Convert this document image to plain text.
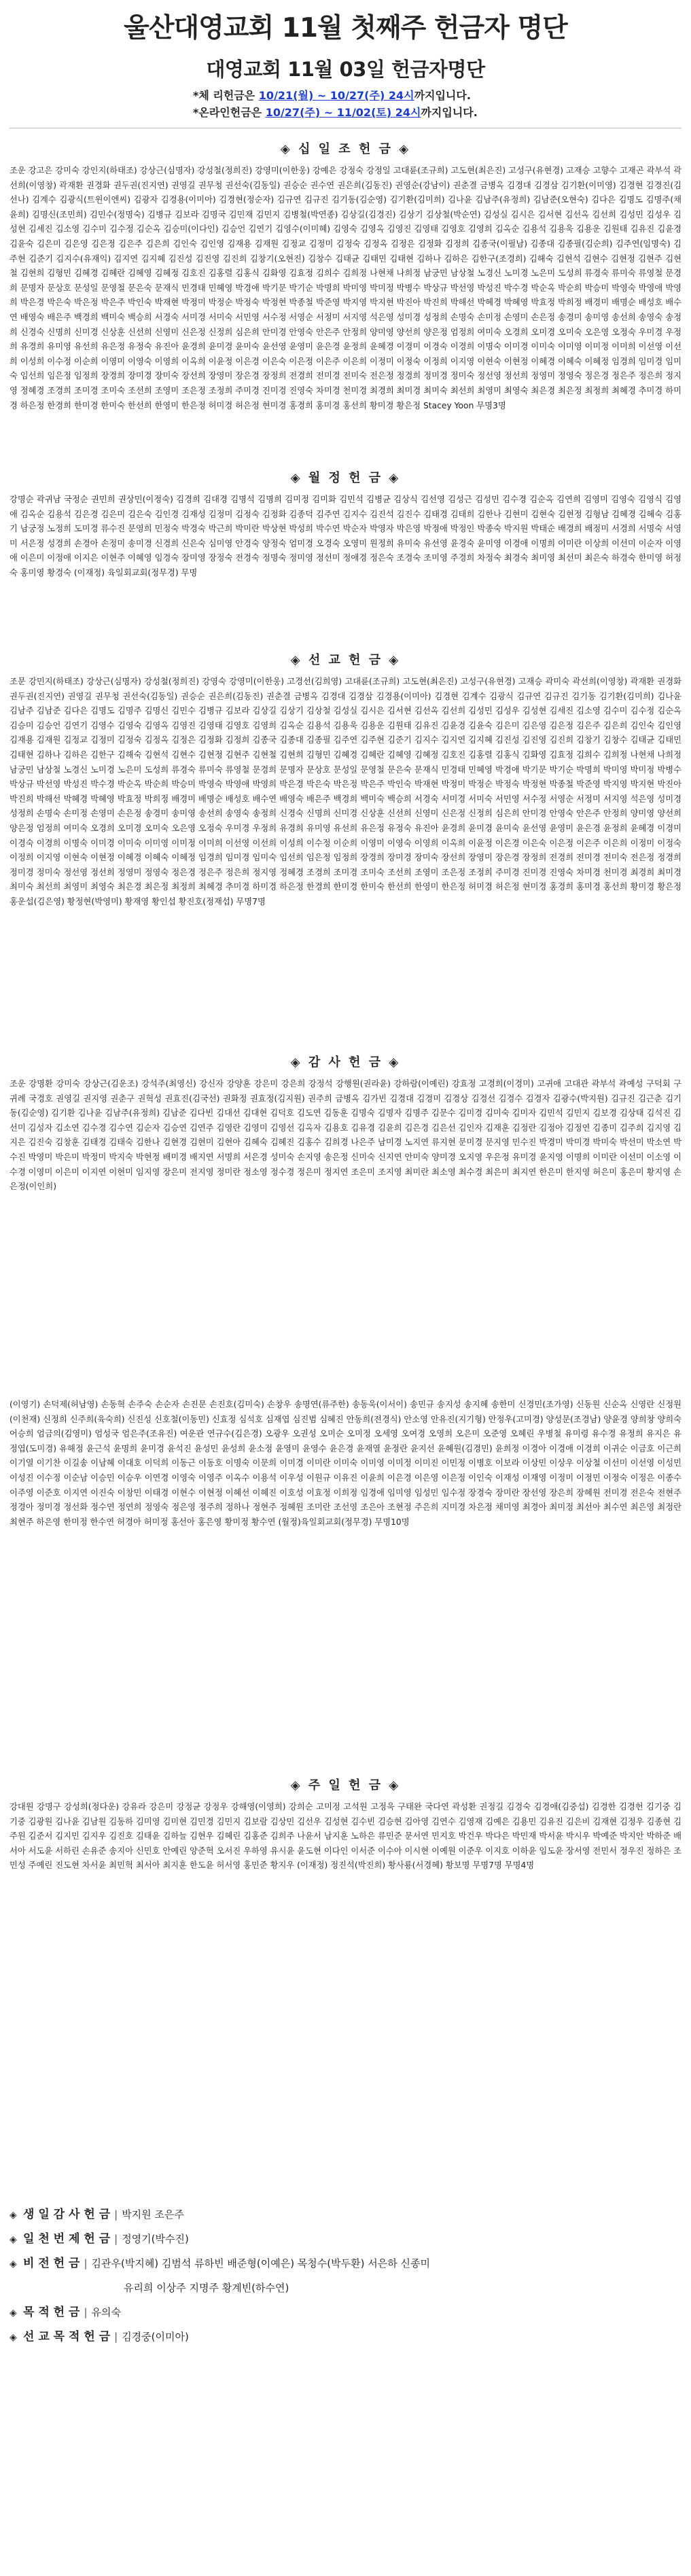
울산대영교회 11월 첫째주 헌금자 명단
대영교회 11월 03일 헌금자명단
*체 리헌금은 10/21(월) ~ 10/27(주) 24시까지입니다.
*온라인헌금은 10/27(주) ~ 11/02(토) 24시까지입니다.
◈ 십 일 조 헌 금 ◈
조운 강고은 강미숙 강인지(하태조) 강상근(심명자) 강성철(정희진) 강영미(이한웅) 강예은 강정숙 강정일 고대륜(조규희) 고도현(최은진) 고성구(유현경) 고재승 고향수 고재곤 곽부석 곽선희(이영창) 곽재환 권경화 권두권(진지연) 권영길 권무청 권선숙(김동일) 권승순 권수연 권은희(김동진) 권영순(강남이) 권춘결 금병옥 김경대 김경삼 김기환(이미영) 김경현 김경진(김선나) 김계수 김광식(트윈이엔씨) 김광자 김경용(이미아) 김경현(정순자) 김규연 김규진 김기동(김순영) 김기환(김미희) 김나윤 김남주(유정희) 김남준(오현숙) 김다은 김명도 김명주(채윤희) 김명신(조민희) 김민수(정명숙) 김병규 김보라 김명국 김민재 김민지 김병철(박연종) 김상길(김경진) 김상기 김상철(박순연) 김성실 김시은 김서현 김선옥 김선희 김성민 김성우 김성현 김세진 김소영 김수미 김수정 김순옥 김승미(이다인) 김승언 김연기 김영수(이미혜) 김영숙 김영옥 김영진 김영태 김영호 김영희 김옥순 김용석 김용욱 김용운 김원태 김유진 김윤경 김윤숙 김은미 김은영 김은정 김은주 김은희 김인숙 김인영 김재용 김재원 김정교 김정미 김정숙 김정옥 김정은 김정화 김정희 김종국(이필남) 김종대 김종필(김순희) 김주연(임명숙) 김주현 김준기 김지수(유재익) 김지연 김지혜 김진성 김진영 김진희 김창기(오현진) 김창수 김태균 김태민 김태현 김하나 김하은 김한구(조경희) 김해숙 김현석 김현수 김현정 김현주 김현철 김현희 김형민 김혜경 김혜란 김혜영 김혜정 김호진 김홍렬 김홍식 김화영 김효정 김희수 김희정 나현채 나희정 남궁민 남상철 노경신 노미경 노은미 도성희 류경숙 류미숙 류영철 문경희 문명자 문상호 문성일 문영철 문은숙 문재식 민경태 민혜영 박경애 박기문 박기순 박명희 박미영 박미정 박병수 박상규 박선영 박성진 박수경 박순옥 박순희 박승미 박영숙 박영애 박영희 박은경 박은숙 박은정 박은주 박인숙 박재현 박정미 박정순 박정숙 박정현 박종철 박준영 박지영 박지현 박진아 박진희 박해선 박혜경 박혜영 박효정 박희정 배경미 배명순 배성호 배수연 배영숙 배은주 백경희 백미숙 백승희 서경숙 서미경 서미숙 서민영 서수정 서영순 서정미 서지영 석은영 성미경 성정희 손명숙 손미정 손영미 손은정 송경미 송미영 송선희 송영숙 송정희 신경숙 신명희 신미경 신상훈 신선희 신영미 신은정 신정희 심은희 안미경 안영숙 안은주 안정희 양미영 양선희 양은정 엄정희 여미숙 오경희 오미경 오미숙 오은영 오정숙 우미경 우정희 유경희 유미영 유선희 유은정 유정숙 유진아 윤경희 윤미경 윤미숙 윤선영 윤영미 윤은경 윤정희 윤혜경 이경미 이경숙 이경희 이명숙 이미경 이미숙 이미영 이미정 이미희 이선영 이선희 이성희 이수정 이순희 이영미 이영숙 이영희 이옥희 이윤정 이은경 이은숙 이은정 이은주 이은희 이정미 이정숙 이정희 이지영 이현숙 이현정 이혜경 이혜숙 이혜정 임경희 임미경 임미숙 임선희 임은정 임정희 장경희 장미경 장미숙 장선희 장영미 장은경 장정희 전경희 전미경 전미숙 전은정 정경희 정미경 정미숙 정선영 정선희 정영미 정영숙 정은경 정은주 정은희 정지영 정혜경 조경희 조미경 조미숙 조선희 조영미 조은정 조정희 주미경 진미경 진영숙 차미경 천미경 최경희 최미경 최미숙 최선희 최영미 최영숙 최은경 최은정 최정희 최혜경 추미경 하미경 하은정 한경희 한미경 한미숙 한선희 한영미 한은정 허미경 허은정 현미경 홍경희 홍미경 홍선희 황미경 황은정 Stacey Yoon 무명3명
◈ 월 정 헌 금 ◈
강명순 곽귀남 국정순 권민희 권상민(이정숙) 김경희 김대경 김명석 김명희 김미정 김미화 김민석 김병균 김상식 김선영 김성근 김성민 김수경 김순옥 김연희 김영미 김영숙 김영식 김영애 김옥순 김용석 김은경 김은미 김은숙 김인경 김재성 김정미 김정숙 김정화 김종덕 김주연 김지수 김진석 김진수 김태경 김태희 김한나 김현미 김현숙 김현정 김형남 김혜경 김혜숙 김홍기 남궁정 노정희 도미경 류수진 문영희 민정숙 박경숙 박근희 박미란 박상현 박성희 박수연 박순자 박영자 박은영 박정애 박정인 박종숙 박지원 박태순 배경희 배정미 서경희 서명숙 서영미 서은정 성경희 손경아 손정미 송미경 신경희 신은숙 심미영 안경숙 양정숙 엄미경 오경숙 오영미 원정희 유미숙 유선영 윤경숙 윤미영 이경애 이명희 이미란 이상희 이선미 이순자 이영애 이은미 이정애 이지은 이현주 이혜영 임경숙 장미영 장정숙 전경숙 정명숙 정미영 정선미 정애경 정은숙 조경숙 조미영 주경희 차정숙 최경숙 최미영 최선미 최은숙 하경숙 한미영 허정숙 홍미영 황경숙 (이재정) 육일회교회(정무경) 무명
◈ 선 교 헌 금 ◈
조문 강민지(하태조) 강상근(심명자) 강성철(정희진) 강영숙 강영미(이한웅) 고경선(김희영) 고대륜(조규희) 고도현(최은진) 고성구(유현경) 고재승 곽미숙 곽선희(이영창) 곽재환 권경화 권두권(진지연) 권영길 권무청 권선숙(김동일) 권승순 권은희(김동진) 권춘결 금병옥 김경대 김경삼 김경용(이미아) 김경현 김계수 김광식 김규연 김규진 김기동 김기환(김미희) 김나윤 김남주 김남준 김다은 김명도 김명주 김명신 김민수 김병규 김보라 김상길 김상기 김상철 김성실 김시은 김서현 김선옥 김선희 김성민 김성우 김성현 김세진 김소영 김수미 김수정 김순옥 김승미 김승언 김연기 김영수 김영숙 김영옥 김영진 김영태 김영호 김영희 김옥순 김용석 김용욱 김용운 김원태 김유진 김윤경 김윤숙 김은미 김은영 김은정 김은주 김은희 김인숙 김인영 김재용 김재원 김정교 김정미 김정숙 김정옥 김정은 김정화 김정희 김종국 김종대 김종필 김주연 김주현 김준기 김지수 김지연 김지혜 김진성 김진영 김진희 김창기 김창수 김태균 김태민 김태현 김하나 김하은 김한구 김해숙 김현석 김현수 김현정 김현주 김현철 김현희 김형민 김혜경 김혜란 김혜영 김혜정 김호진 김홍렬 김홍식 김화영 김효정 김희수 김희정 나현채 나희정 남궁민 남상철 노경신 노미경 노은미 도성희 류경숙 류미숙 류영철 문경희 문명자 문상호 문성일 문영철 문은숙 문재식 민경태 민혜영 박경애 박기문 박기순 박명희 박미영 박미정 박병수 박상규 박선영 박성진 박수경 박순옥 박순희 박승미 박영숙 박영애 박영희 박은경 박은숙 박은정 박은주 박인숙 박재현 박정미 박정순 박정숙 박정현 박종철 박준영 박지영 박지현 박진아 박진희 박해선 박혜경 박혜영 박효정 박희정 배경미 배명순 배성호 배수연 배영숙 배은주 백경희 백미숙 백승희 서경숙 서미경 서미숙 서민영 서수정 서영순 서정미 서지영 석은영 성미경 성정희 손명숙 손미정 손영미 손은정 송경미 송미영 송선희 송영숙 송정희 신경숙 신명희 신미경 신상훈 신선희 신영미 신은정 신정희 심은희 안미경 안영숙 안은주 안정희 양미영 양선희 양은정 엄정희 여미숙 오경희 오미경 오미숙 오은영 오정숙 우미경 우정희 유경희 유미영 유선희 유은정 유정숙 유진아 윤경희 윤미경 윤미숙 윤선영 윤영미 윤은경 윤정희 윤혜경 이경미 이경숙 이경희 이명숙 이미경 이미숙 이미영 이미정 이미희 이선영 이선희 이성희 이수정 이순희 이영미 이영숙 이영희 이옥희 이윤정 이은경 이은숙 이은정 이은주 이은희 이정미 이정숙 이정희 이지영 이현숙 이현정 이혜경 이혜숙 이혜정 임경희 임미경 임미숙 임선희 임은정 임정희 장경희 장미경 장미숙 장선희 장영미 장은경 장정희 전경희 전미경 전미숙 전은정 정경희 정미경 정미숙 정선영 정선희 정영미 정영숙 정은경 정은주 정은희 정지영 정혜경 조경희 조미경 조미숙 조선희 조영미 조은정 조정희 주미경 진미경 진영숙 차미경 천미경 최경희 최미경 최미숙 최선희 최영미 최영숙 최은경 최은정 최정희 최혜경 추미경 하미경 하은정 한경희 한미경 한미숙 한선희 한영미 한은정 허미경 허은정 현미경 홍경희 홍미경 홍선희 황미경 황은정 홍운섭(김은영) 황정현(박영미) 황재영 황인섭 황진호(정재섭) 무명7명
◈ 감 사 헌 금 ◈
조운 강명환 강미숙 강상근(김운조) 강석주(최영신) 강신자 강양훈 강은미 강은희 강정석 강행원(권라윤) 강하람(이예린) 강효정 고경희(이경미) 고귀애 고대관 곽부석 곽예성 구덕회 구귀례 국경호 권영길 권지영 권춘구 권혁성 권효진(김국선) 권화정 권효정(김지원) 권주희 금병옥 김가빈 김경대 김경미 김경상 김경선 김경수 김경자 김광수(박지원) 김규진 김근춘 김기동(김순영) 김기환 김나윤 김남주(유정희) 김남준 김다빈 김대선 김대현 김덕호 김도연 김동훈 김명숙 김명자 김명주 김문수 김미경 김미숙 김미자 김민석 김민지 김보경 김상태 김석진 김선미 김성자 김소연 김수경 김수연 김순자 김승연 김연주 김영란 김영미 김영선 김옥자 김용호 김유경 김윤희 김은경 김은선 김인자 김재훈 김정란 김정아 김정연 김종미 김주희 김지영 김지은 김진숙 김창훈 김태경 김태숙 김한나 김현경 김현미 김현아 김혜숙 김혜진 김홍수 김희경 나은주 남미경 노지연 류지현 문미경 문지영 민수진 박경미 박미경 박미숙 박선미 박소연 박수진 박영미 박은미 박정미 박지숙 박현정 배미경 배지연 서명희 서은경 성미숙 손지영 송은정 신미숙 신지연 안미숙 양미경 오지영 우은정 유미경 윤지영 이명희 이미란 이선미 이소영 이수경 이영미 이은미 이지연 이현미 임지영 장은미 전지영 정미란 정소영 정수경 정은미 정지연 조은미 조지영 최미란 최소영 최수경 최은미 최지연 한은미 한지영 허은미 홍은미 황지영 손은정(이인희)
(이영기) 손덕제(허남영) 손동혁 손주숙 손순자 손진문 손진호(김미숙) 손창우 송명연(류주한) 송동욱(이서이) 송민규 송지성 송지혜 송한미 신경민(조가영) 신동원 신순옥 신영란 신정원(이천재) 신정희 신주희(육숙희) 신진성 신호철(이동민) 신효정 심석호 심재엽 심진범 심혜진 안동희(전경식) 안소영 안유진(지기형) 안정우(고미경) 양성문(조경남) 양윤경 양희창 양희숙 어승희 엄금의(김영미) 엄성국 엄은주(조유진) 여운관 연규수(김은경) 오광우 오권성 오미순 오미정 오세영 오여경 오영희 오은미 오준영 오혜린 우병철 유미령 유수경 유정희 유지은 유정엽(도미경) 유해정 윤근석 윤명희 윤미경 윤석진 윤성민 윤성희 윤소정 윤영미 윤영수 윤은경 윤재열 윤정란 윤지선 윤혜원(김경민) 윤희정 이경아 이경애 이경희 이귀순 이금호 이근희 이기열 이기찬 이길송 이남혜 이대호 이덕희 이동근 이동호 이명숙 이문희 이미경 이미란 이미숙 이미영 이미정 이미진 이민정 이병호 이보라 이상민 이상우 이상철 이선미 이선영 이성민 이성진 이수정 이순남 이승민 이승우 이연경 이영숙 이영주 이옥수 이용석 이우성 이원규 이유진 이윤희 이은경 이은영 이은정 이인숙 이재성 이재영 이정미 이정민 이정숙 이정은 이종수 이주영 이준호 이지연 이진숙 이창민 이태경 이현수 이현정 이혜선 이혜진 이호성 이효정 이희정 임경애 임미영 임성민 임수정 장경숙 장미란 장선영 장은희 장혜원 전미경 전은숙 전현주 정경아 정미경 정선화 정수연 정연희 정영숙 정은영 정주희 정하나 정현주 정혜원 조미란 조선영 조은아 조현정 주은희 지미경 차은정 채미영 최경아 최미정 최선아 최수연 최은영 최정란 최현주 하은영 한미정 한수연 허경아 허미정 홍선아 홍은영 황미정 황수연 (월정)육일회교회(정무경) 무명10명
◈ 주 일 헌 금 ◈
강대원 강명구 강성희(정다운) 강유라 강은미 강정균 강정우 강해영(이영희) 강희순 고미정 고석원 고정욱 구태완 국다연 곽성환 권정길 김경숙 김경애(김중섭) 김경한 김경헌 김기중 김기중 김광원 김나윤 김남원 김동하 김미영 김미현 김민경 김민지 김보람 김상민 김선우 김성현 김수빈 김승현 김아영 김연수 김영재 김예은 김용민 김유진 김은비 김재현 김정우 김종현 김주원 김준서 김지민 김지우 김진호 김태윤 김하늘 김현우 김혜린 김홍준 김희주 나윤서 남지훈 노하은 류민준 문서연 민지호 박건우 박다은 박민재 박서윤 박시우 박예준 박지안 박하준 배서아 서도윤 서하린 손유준 송지아 신민호 안예린 양준혁 오서진 우하영 유시윤 윤도현 이다인 이서준 이수아 이시현 이예원 이준우 이지호 이하윤 임도윤 장서영 전민서 정우진 정하은 조민성 주예린 진도현 차서윤 최민혁 최서아 최지훈 한도윤 허서영 홍민준 황지우 (이재정) 정진석(박진희) 황사룡(서경혜) 황보명 무명7명 무명4명
◈ 생 일 감 사 헌 금 | 박지원 조은주
◈ 일 천 번 제 헌 금 | 정영기(박수진)
◈ 비 전 헌 금 | 김관우(박지혜) 김범석 류하빈 배준형(이예은) 목청수(박두환) 서은하 신종미
유리희 이상주 지명주 황계빈(하수연)
◈ 목 적 헌 금 | 유의숙
◈ 선 교 목 적 헌 금 | 김경중(이미아)
